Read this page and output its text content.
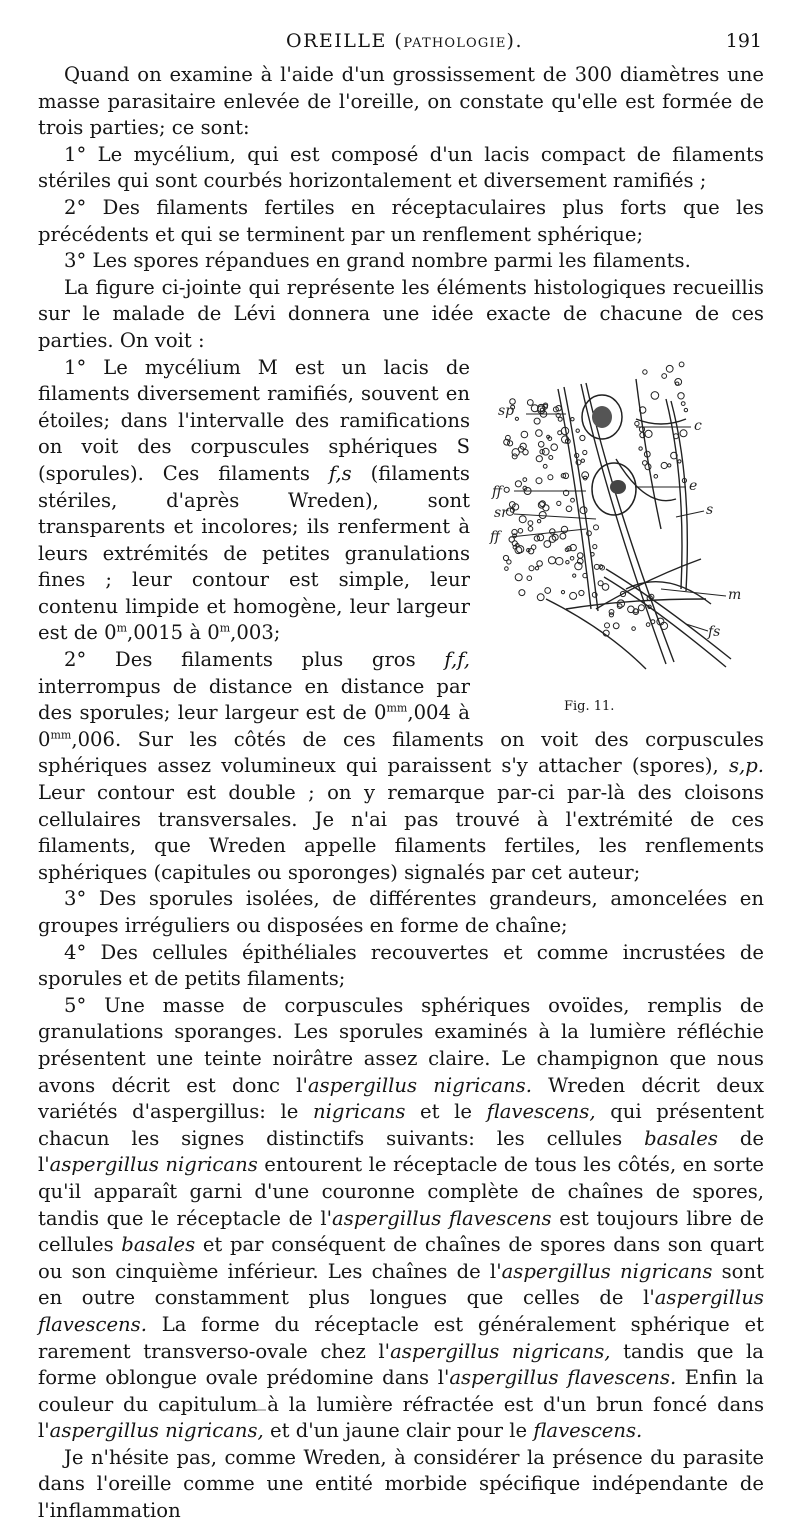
OREILLE (PATHOLOGIE).	191

Quand on examine à l'aide d'un grossissement de 300 diamètres une masse parasitaire enlevée de l'oreille, on constate qu'elle est formée de trois parties; ce sont:

1° Le mycélium, qui est composé d'un lacis compact de filaments stériles qui sont courbés horizontalement et diversement ramifiés ;

2° Des filaments fertiles en réceptaculaires plus forts que les précédents et qui se terminent par un renflement sphérique;

3° Les spores répandues en grand nombre parmi les filaments.

La figure ci-jointe qui représente les éléments histologiques recueillis sur le malade de Lévi donnera une idée exacte de chacune de ces parties. On voit :

sp
c
e
ff
sr
ff
s
m
fs
Fig. 11.

1° Le mycélium M est un lacis de filaments diversement ramifiés, souvent en étoiles; dans l'intervalle des ramifications on voit des corpuscules sphériques S (sporules). Ces filaments f,s (filaments stériles, d'après Wreden), sont transparents et incolores; ils renferment à leurs extrémités de petites granulations fines ; leur contour est simple, leur contenu limpide et homogène, leur largeur est de 0$^m$,0015 à 0$^m$,003;

2° Des filaments plus gros f,f, interrompus de distance en distance par des sporules; leur largeur est de $0^{mm},004$ à $0^{mm},006$. Sur les côtés de ces filaments on voit des corpuscules sphériques assez volumineux qui paraissent s'y attacher (spores), s,p. Leur contour est double ; on y remarque par-ci par-là des cloisons cellulaires transversales. Je n'ai pas trouvé à l'extrémité de ces filaments, que Wreden appelle filaments fertiles, les renflements sphériques (capitules ou sporonges) signalés par cet auteur;

3° Des sporules isolées, de différentes grandeurs, amoncelées en groupes irréguliers ou disposées en forme de chaîne;

4° Des cellules épithéliales recouvertes et comme incrustées de sporules et de petits filaments;

5° Une masse de corpuscules sphériques ovoïdes, remplis de granulations sporanges. Les sporules examinés à la lumière réfléchie présentent une teinte noirâtre assez claire. Le champignon que nous avons décrit est donc l'aspergillus nigricans. Wreden décrit deux variétés d'aspergillus: le nigricans et le flavescens, qui présentent chacun les signes distinctifs suivants: les cellules basales de l'aspergillus nigricans entourent le réceptacle de tous les côtés, en sorte qu'il apparaît garni d'une couronne complète de chaînes de spores, tandis que le réceptacle de l'aspergillus flavescens est toujours libre de cellules basales et par conséquent de chaînes de spores dans son quart ou son cinquième inférieur. Les chaînes de l'aspergillus nigricans sont en outre constamment plus longues que celles de l'aspergillus flavescens. La forme du réceptacle est généralement sphérique et rarement transverso-ovale chez l'aspergillus nigricans, tandis que la forme oblongue ovale prédomine dans l'aspergillus flavescens. Enfin la couleur du capitulum à la lumière réfractée est d'un brun foncé dans l'aspergillus nigricans, et d'un jaune clair pour le flavescens.

Je n'hésite pas, comme Wreden, à considérer la présence du parasite dans l'oreille comme une entité morbide spécifique indépendante de l'inflammation
